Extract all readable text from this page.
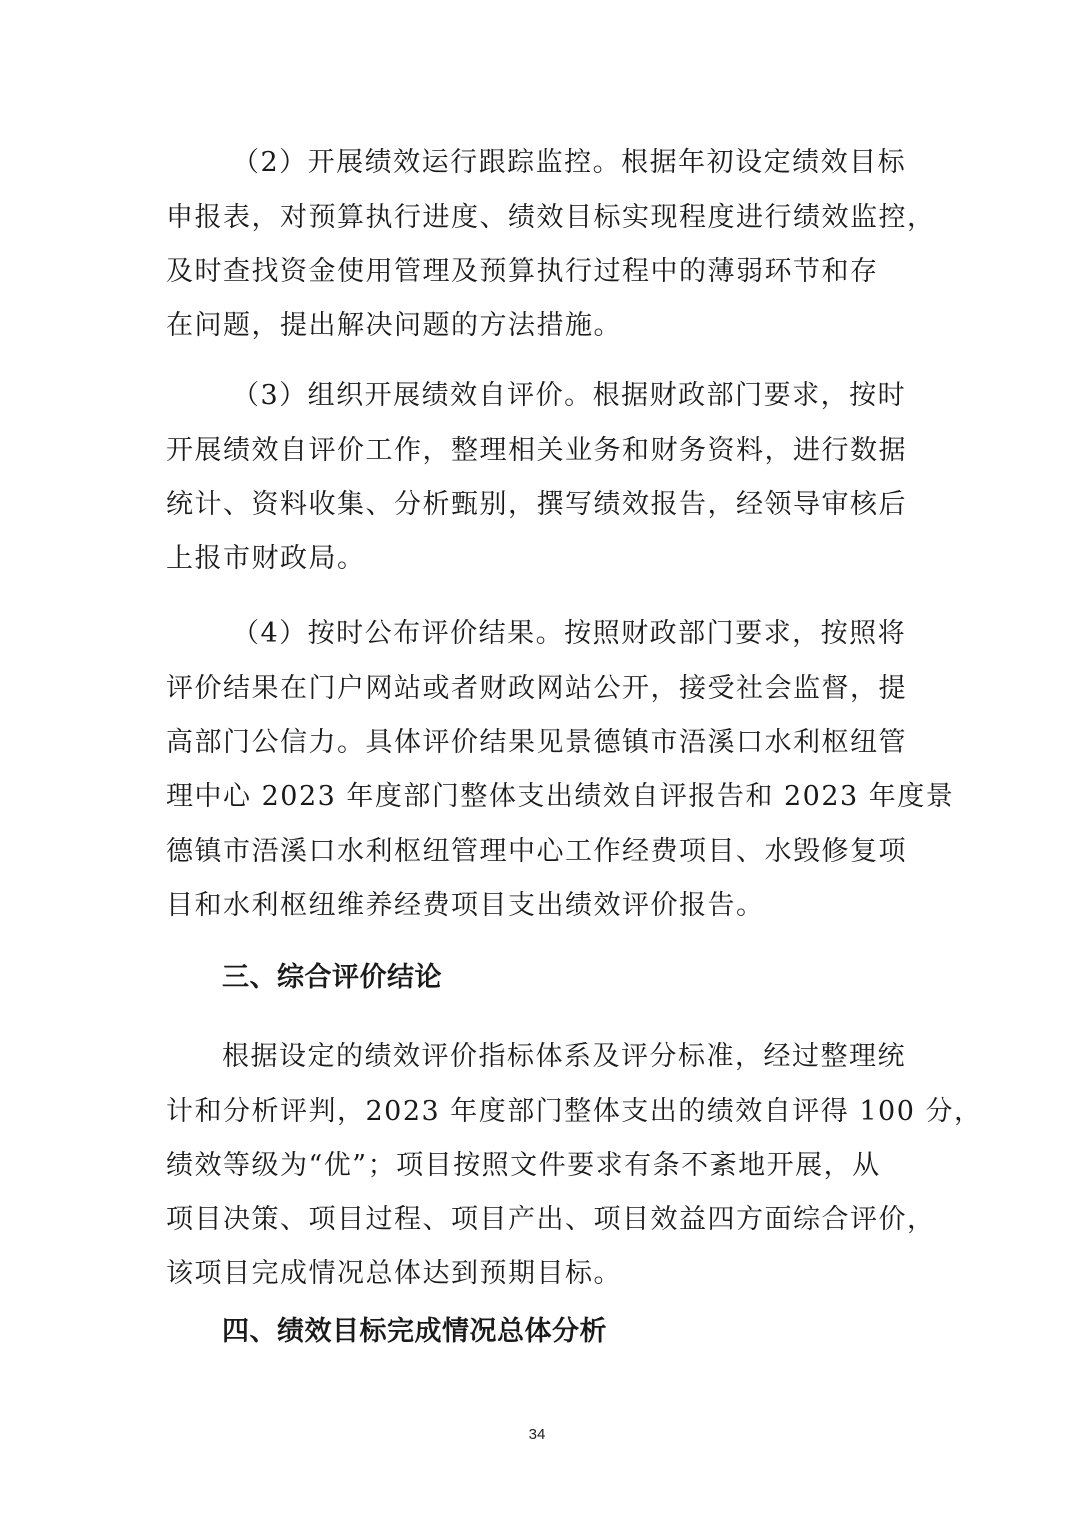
（2）开展绩效运行跟踪监控。根据年初设定绩效目标
申报表，对预算执行进度、绩效目标实现程度进行绩效监控，
及时查找资金使用管理及预算执行过程中的薄弱环节和存
在问题，提出解决问题的方法措施。
（3）组织开展绩效自评价。根据财政部门要求，按时
开展绩效自评价工作，整理相关业务和财务资料，进行数据
统计、资料收集、分析甄别，撰写绩效报告，经领导审核后
上报市财政局。
（4）按时公布评价结果。按照财政部门要求，按照将
评价结果在门户网站或者财政网站公开，接受社会监督，提
高部门公信力。具体评价结果见景德镇市浯溪口水利枢纽管
理中心 2023 年度部门整体支出绩效自评报告和 2023 年度景
德镇市浯溪口水利枢纽管理中心工作经费项目、水毁修复项
目和水利枢纽维养经费项目支出绩效评价报告。
三、综合评价结论
根据设定的绩效评价指标体系及评分标准，经过整理统
计和分析评判，2023 年度部门整体支出的绩效自评得 100 分，
绩效等级为“优”；项目按照文件要求有条不紊地开展，从
项目决策、项目过程、项目产出、项目效益四方面综合评价，
该项目完成情况总体达到预期目标。
四、绩效目标完成情况总体分析
34
